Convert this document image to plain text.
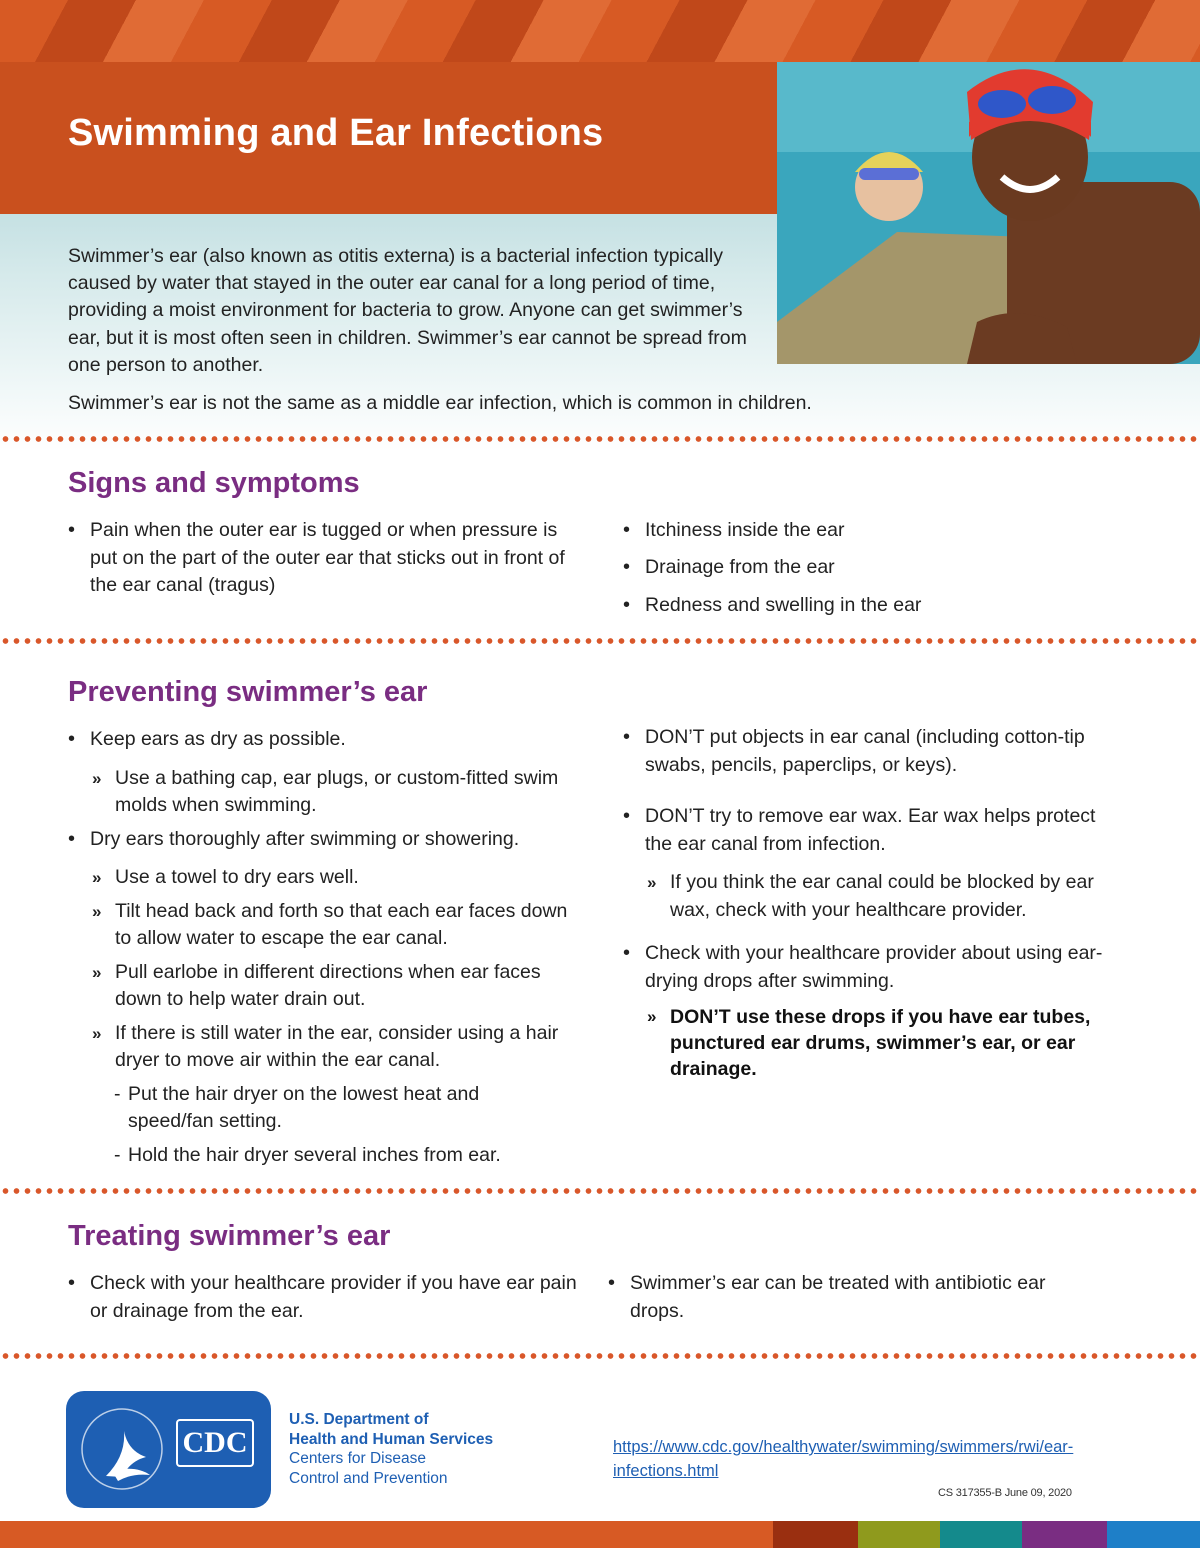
Swimming and Ear Infections

Swimmer’s ear (also known as otitis externa) is a bacterial infection typically caused by water that stayed in the outer ear canal for a long period of time, providing a moist environment for bacteria to grow. Anyone can get swimmer’s ear, but it is most often seen in children. Swimmer’s ear cannot be spread from one person to another.

Swimmer’s ear is not the same as a middle ear infection, which is common in children.

Signs and symptoms
• Pain when the outer ear is tugged or when pressure is put on the part of the outer ear that sticks out in front of the ear canal (tragus)
• Itchiness inside the ear
• Drainage from the ear
• Redness and swelling in the ear
Preventing swimmer’s ear
• Keep ears as dry as possible.
» Use a bathing cap, ear plugs, or custom-fitted swim molds when swimming.
• Dry ears thoroughly after swimming or showering.
» Use a towel to dry ears well.
» Tilt head back and forth so that each ear faces down to allow water to escape the ear canal.
» Pull earlobe in different directions when ear faces down to help water drain out.
» If there is still water in the ear, consider using a hair dryer to move air within the ear canal.
- Put the hair dryer on the lowest heat and speed/fan setting.
- Hold the hair dryer several inches from ear.
• DON’T put objects in ear canal (including cotton-tip swabs, pencils, paperclips, or keys).
• DON’T try to remove ear wax. Ear wax helps protect the ear canal from infection.
» If you think the ear canal could be blocked by ear wax, check with your healthcare provider.
• Check with your healthcare provider about using ear-drying drops after swimming.
» DON’T use these drops if you have ear tubes, punctured ear drums, swimmer’s ear, or ear drainage.
Treating swimmer’s ear
• Check with your healthcare provider if you have ear pain or drainage from the ear.
• Swimmer’s ear can be treated with antibiotic ear drops.
CDC
U.S. Department of
Health and Human Services
Centers for Disease
Control and Prevention
https://www.cdc.gov/healthywater/swimming/swimmers/rwi/ear-infections.html
CS 317355-B June 09, 2020
